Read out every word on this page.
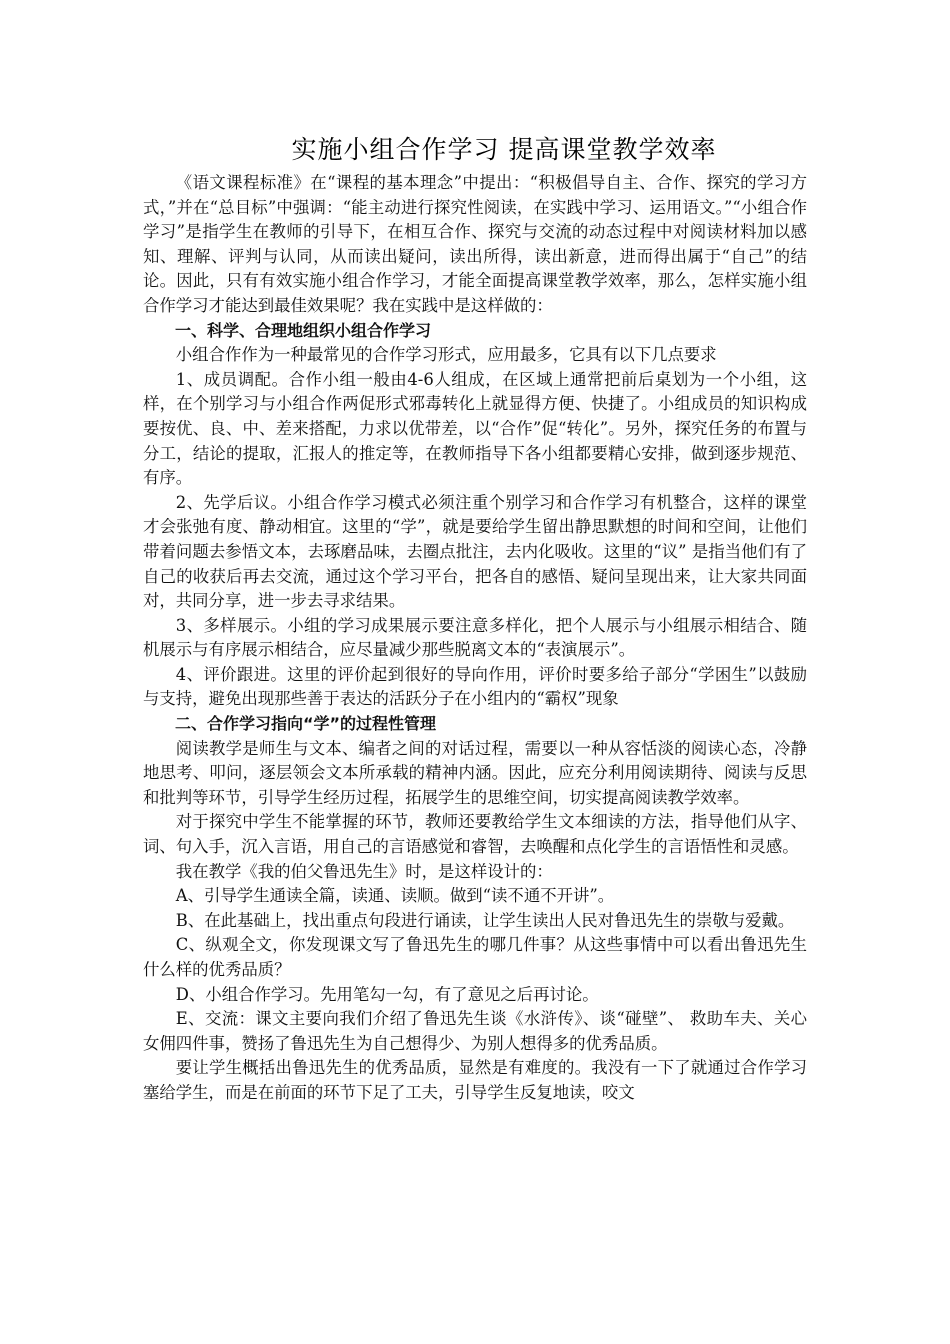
实施小组合作学习 提高课堂教学效率

《语文课程标准》在“课程的基本理念”中提出：“积极倡导自主、合作、探究的学习方式，”并在“总目标”中强调：“能主动进行探究性阅读，在实践中学习、运用语文。”“小组合作学习”是指学生在教师的引导下，在相互合作、探究与交流的动态过程中对阅读材料加以感知、理解、评判与认同，从而读出疑问，读出所得，读出新意，进而得出属于“自己”的结论。因此，只有有效实施小组合作学习，才能全面提高课堂教学效率，那么，怎样实施小组合作学习才能达到最佳效果呢？我在实践中是这样做的：

一、科学、合理地组织小组合作学习

小组合作作为一种最常见的合作学习形式，应用最多，它具有以下几点要求

1、成员调配。合作小组一般由4-6人组成，在区域上通常把前后桌划为一个小组，这样，在个别学习与小组合作两促形式邪毒转化上就显得方便、快捷了。小组成员的知识构成要按优、良、中、差来搭配，力求以优带差，以“合作”促“转化”。另外，探究任务的布置与分工，结论的提取，汇报人的推定等，在教师指导下各小组都要精心安排，做到逐步规范、有序。

2、先学后议。小组合作学习模式必须注重个别学习和合作学习有机整合，这样的课堂才会张弛有度、静动相宜。这里的“学”，就是要给学生留出静思默想的时间和空间，让他们带着问题去参悟文本，去琢磨品味，去圈点批注，去内化吸收。这里的“议” 是指当他们有了自己的收获后再去交流，通过这个学习平台，把各自的感悟、疑问呈现出来，让大家共同面对，共同分享，进一步去寻求结果。

3、多样展示。小组的学习成果展示要注意多样化，把个人展示与小组展示相结合、随机展示与有序展示相结合，应尽量减少那些脱离文本的“表演展示”。

4、评价跟进。这里的评价起到很好的导向作用，评价时要多给子部分“学困生”以鼓励与支持，避免出现那些善于表达的活跃分子在小组内的“霸权”现象

二、合作学习指向“学”的过程性管理

阅读教学是师生与文本、编者之间的对话过程，需要以一种从容恬淡的阅读心态，冷静地思考、叩问，逐层领会文本所承载的精神内涵。因此，应充分利用阅读期待、阅读与反思和批判等环节，引导学生经历过程，拓展学生的思维空间，切实提高阅读教学效率。

对于探究中学生不能掌握的环节，教师还要教给学生文本细读的方法，指导他们从字、词、句入手，沉入言语，用自己的言语感觉和睿智，去唤醒和点化学生的言语悟性和灵感。

我在教学《我的伯父鲁迅先生》时，是这样设计的：

A、引导学生通读全篇，读通、读顺。做到“读不通不开讲”。

B、在此基础上，找出重点句段进行诵读，让学生读出人民对鲁迅先生的崇敬与爱戴。

C、纵观全文，你发现课文写了鲁迅先生的哪几件事？从这些事情中可以看出鲁迅先生什么样的优秀品质？

D、小组合作学习。先用笔勾一勾，有了意见之后再讨论。

E、交流：课文主要向我们介绍了鲁迅先生谈《水浒传》、谈“碰壁”、 救助车夫、关心女佣四件事，赞扬了鲁迅先生为自己想得少、为别人想得多的优秀品质。

要让学生概括出鲁迅先生的优秀品质，显然是有难度的。我没有一下了就通过合作学习塞给学生，而是在前面的环节下足了工夫，引导学生反复地读，咬文
